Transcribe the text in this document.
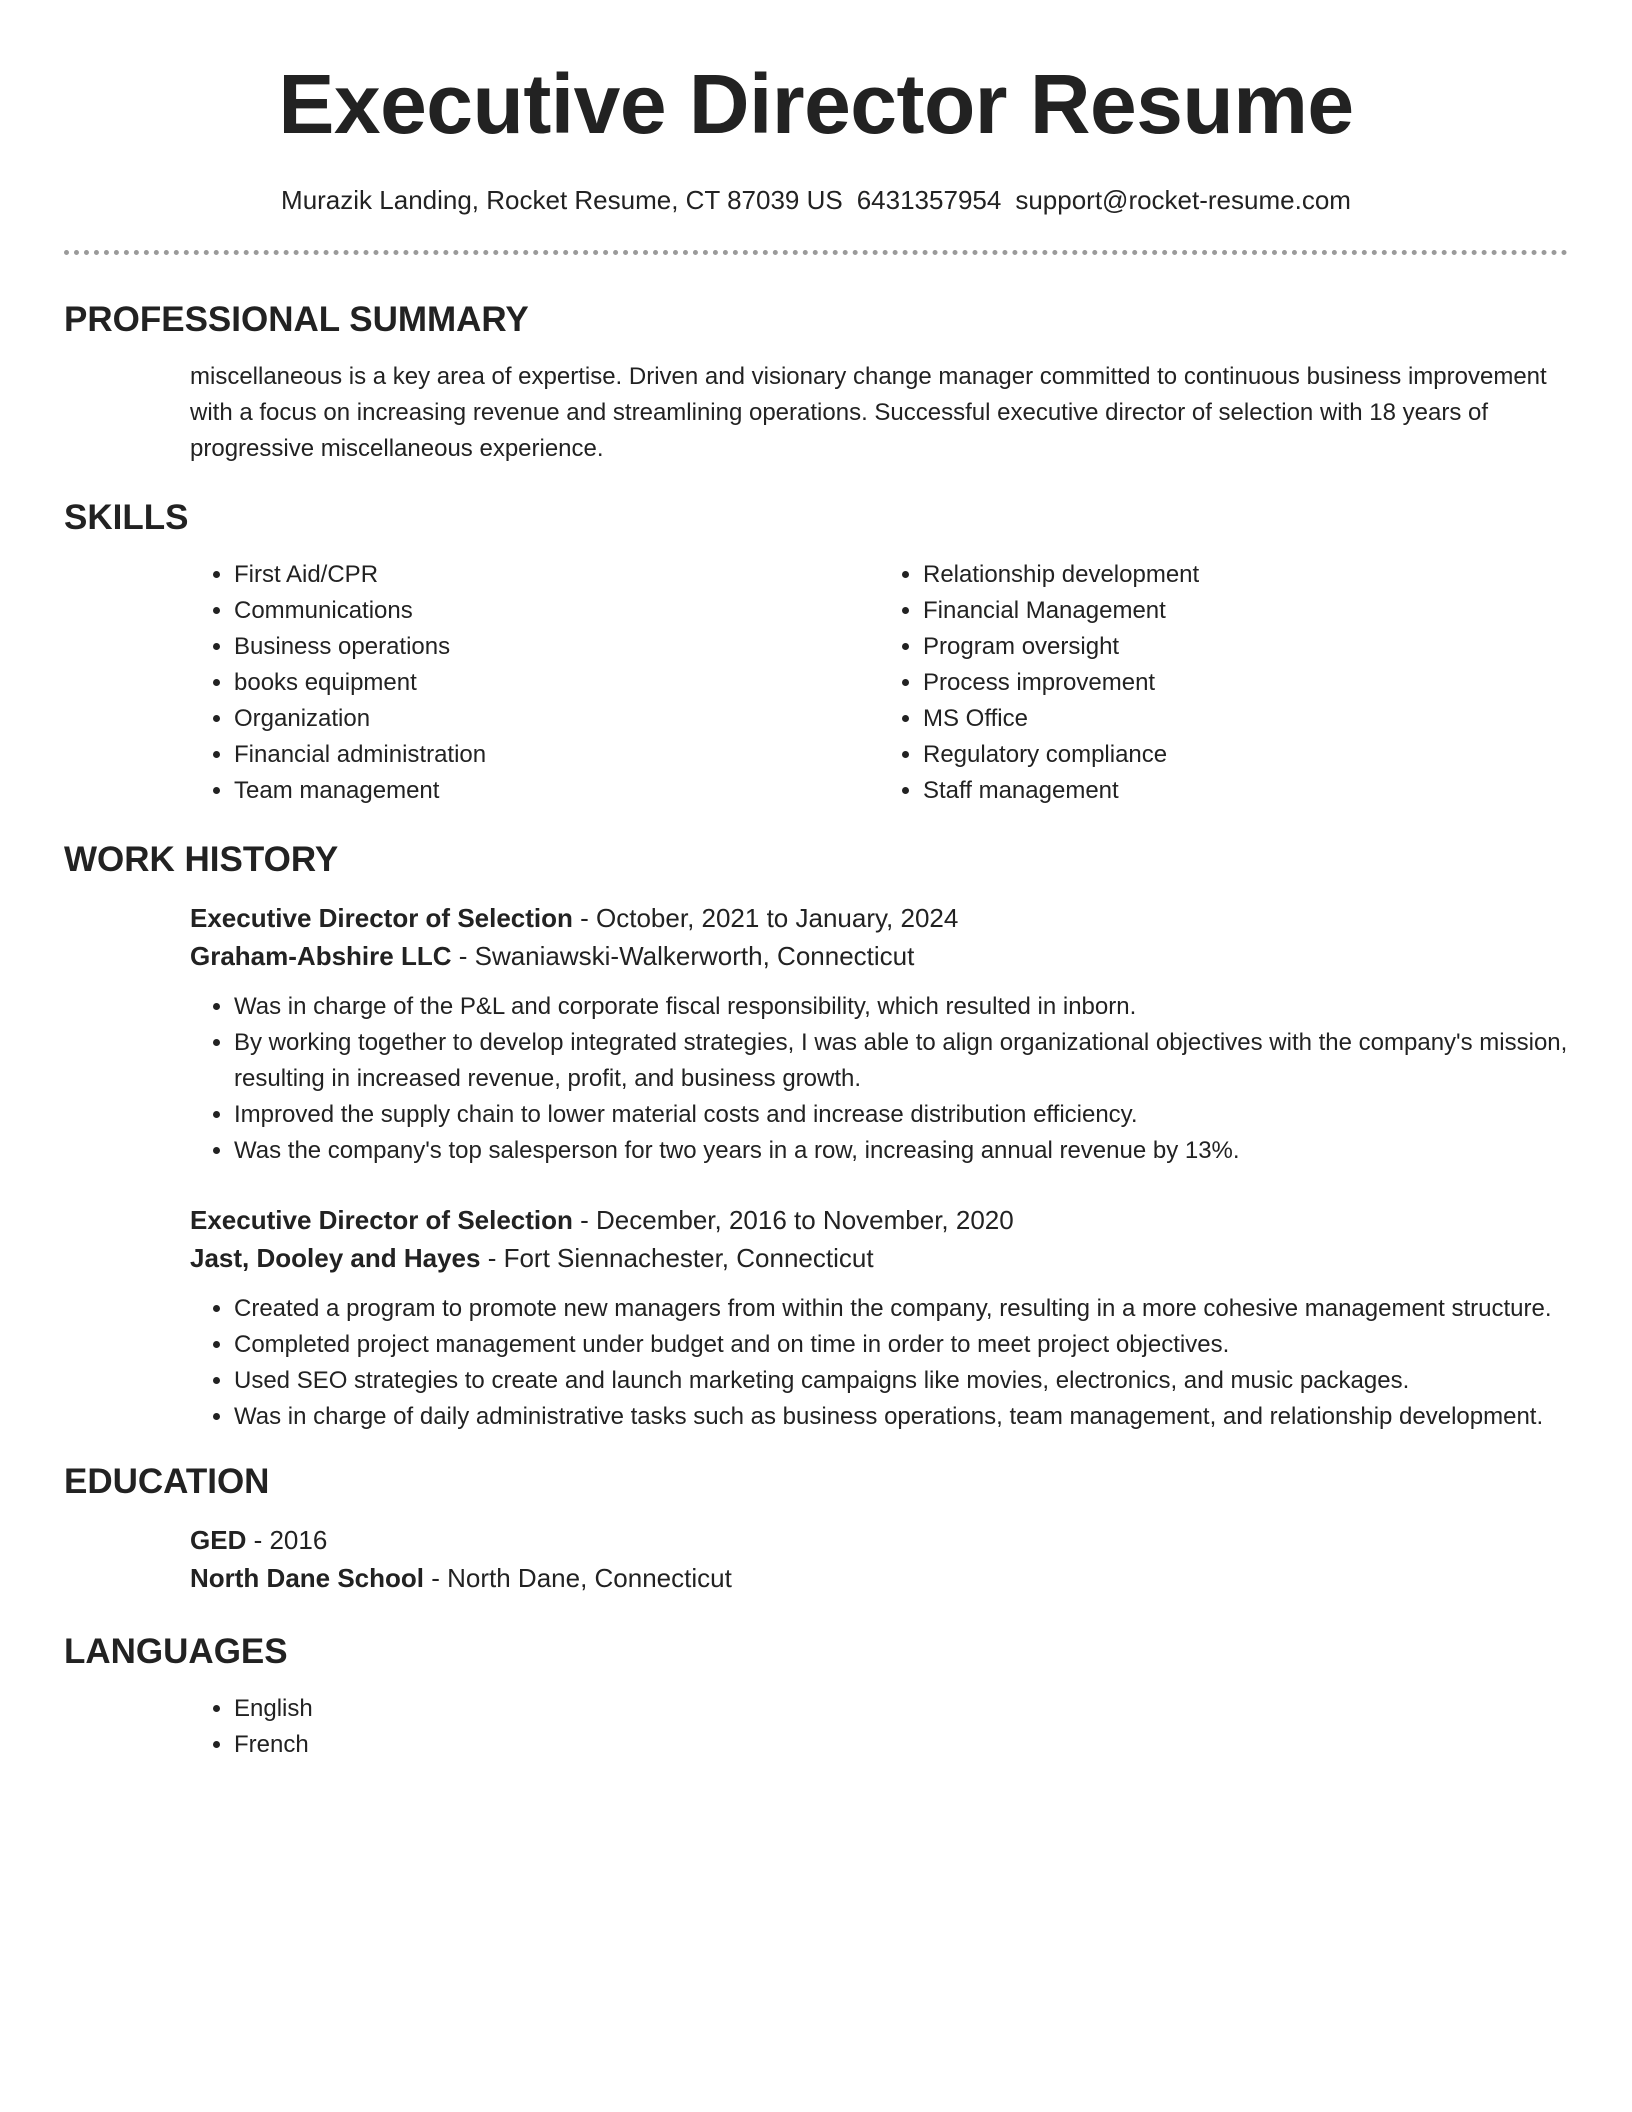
Executive Director Resume
Murazik Landing, Rocket Resume, CT 87039 US 6431357954 support@rocket-resume.com
PROFESSIONAL SUMMARY
miscellaneous is a key area of expertise. Driven and visionary change manager committed to continuous business improvement with a focus on increasing revenue and streamlining operations. Successful executive director of selection with 18 years of progressive miscellaneous experience.
SKILLS
• First Aid/CPR
• Communications
• Business operations
• books equipment
• Organization
• Financial administration
• Team management
• Relationship development
• Financial Management
• Program oversight
• Process improvement
• MS Office
• Regulatory compliance
• Staff management
WORK HISTORY
Executive Director of Selection - October, 2021 to January, 2024
Graham-Abshire LLC - Swaniawski-Walkerworth, Connecticut
• Was in charge of the P&L and corporate fiscal responsibility, which resulted in inborn.
• By working together to develop integrated strategies, I was able to align organizational objectives with the company's mission, resulting in increased revenue, profit, and business growth.
• Improved the supply chain to lower material costs and increase distribution efficiency.
• Was the company's top salesperson for two years in a row, increasing annual revenue by 13%.
Executive Director of Selection - December, 2016 to November, 2020
Jast, Dooley and Hayes - Fort Siennachester, Connecticut
• Created a program to promote new managers from within the company, resulting in a more cohesive management structure.
• Completed project management under budget and on time in order to meet project objectives.
• Used SEO strategies to create and launch marketing campaigns like movies, electronics, and music packages.
• Was in charge of daily administrative tasks such as business operations, team management, and relationship development.
EDUCATION
GED - 2016
North Dane School - North Dane, Connecticut
LANGUAGES
• English
• French
